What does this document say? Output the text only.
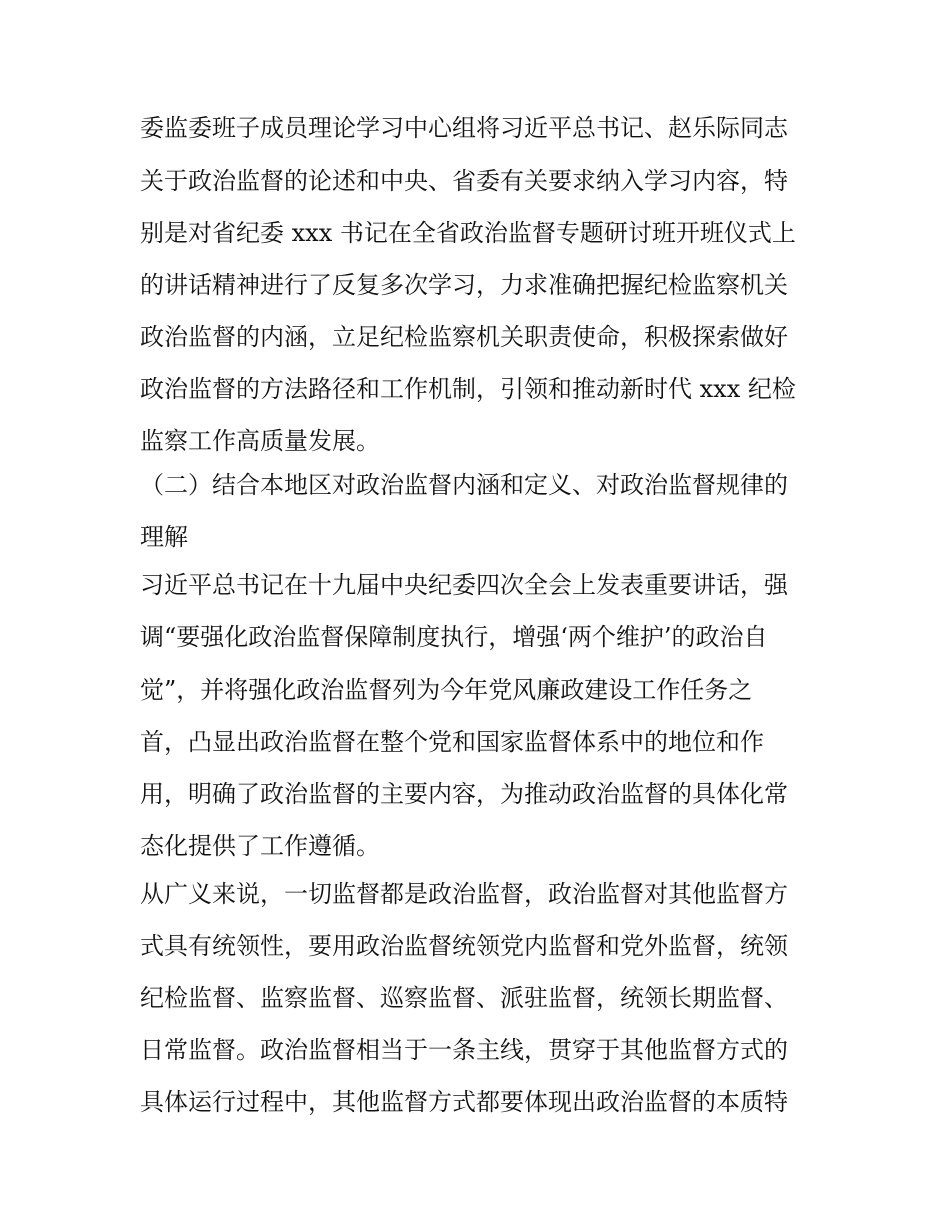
委监委班子成员理论学习中心组将习近平总书记、赵乐际同志
关于政治监督的论述和中央、省委有关要求纳入学习内容，特
别是对省纪委 xxx 书记在全省政治监督专题研讨班开班仪式上
的讲话精神进行了反复多次学习，力求准确把握纪检监察机关
政治监督的内涵，立足纪检监察机关职责使命，积极探索做好
政治监督的方法路径和工作机制，引领和推动新时代 xxx 纪检
监察工作高质量发展。
（二）结合本地区对政治监督内涵和定义、对政治监督规律的
理解
习近平总书记在十九届中央纪委四次全会上发表重要讲话，强
调“要强化政治监督保障制度执行，增强‘两个维护’的政治自
觉”，并将强化政治监督列为今年党风廉政建设工作任务之
首，凸显出政治监督在整个党和国家监督体系中的地位和作
用，明确了政治监督的主要内容，为推动政治监督的具体化常
态化提供了工作遵循。
从广义来说，一切监督都是政治监督，政治监督对其他监督方
式具有统领性，要用政治监督统领党内监督和党外监督，统领
纪检监督、监察监督、巡察监督、派驻监督，统领长期监督、
日常监督。政治监督相当于一条主线，贯穿于其他监督方式的
具体运行过程中，其他监督方式都要体现出政治监督的本质特
